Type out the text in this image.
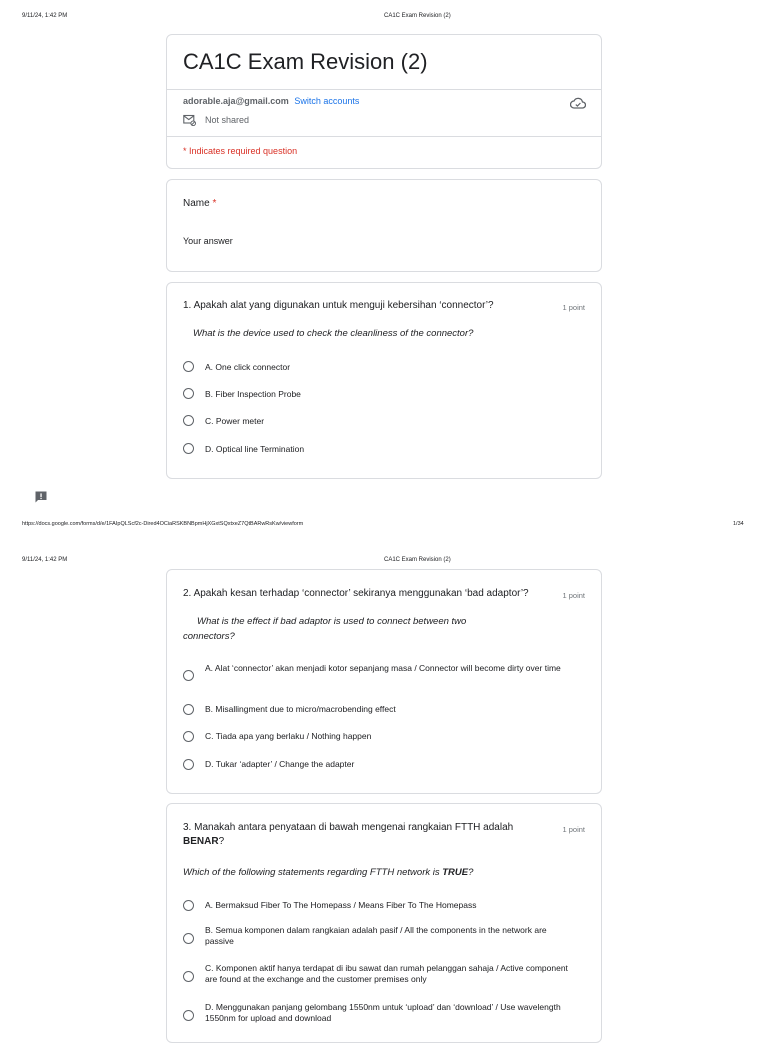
9/11/24, 1:42 PM	CA1C Exam Revision (2)
CA1C Exam Revision (2)
adorable.aja@gmail.com Switch accounts
Not shared
* Indicates required question
Name *
Your answer
1. Apakah alat yang digunakan untuk menguji kebersihan ‘connector’?	1 point
What is the device used to check the cleanliness of the connector?
A. One click connector
B. Fiber Inspection Probe
C. Power meter
D. Optical line Termination
https://docs.google.com/forms/d/e/1FAIpQLScf2c-Dired4OCiaRSKBNBpmHjXGxtSQxtxeZ7QtBARwRsKw/viewform	1/34
9/11/24, 1:42 PM	CA1C Exam Revision (2)
2. Apakah kesan terhadap ‘connector’ sekiranya menggunakan ‘bad adaptor’?	1 point
What is the effect if bad adaptor is used to connect between two connectors?
A. Alat ‘connector’ akan menjadi kotor sepanjang masa / Connector will become dirty over time
B. Misallingment due to micro/macrobending effect
C. Tiada apa yang berlaku / Nothing happen
D. Tukar ‘adapter’ / Change the adapter
3. Manakah antara penyataan di bawah mengenai rangkaian FTTH adalah BENAR?
1 point
Which of the following statements regarding FTTH network is TRUE?
A. Bermaksud Fiber To The Homepass / Means Fiber To The Homepass
B. Semua komponen dalam rangkaian adalah pasif / All the components in the network are passive
C. Komponen aktif hanya terdapat di ibu sawat dan rumah pelanggan sahaja / Active component are found at the exchange and the customer premises only
D. Menggunakan panjang gelombang 1550nm untuk ‘upload’ dan ‘download’ / Use wavelength 1550nm for upload and download
